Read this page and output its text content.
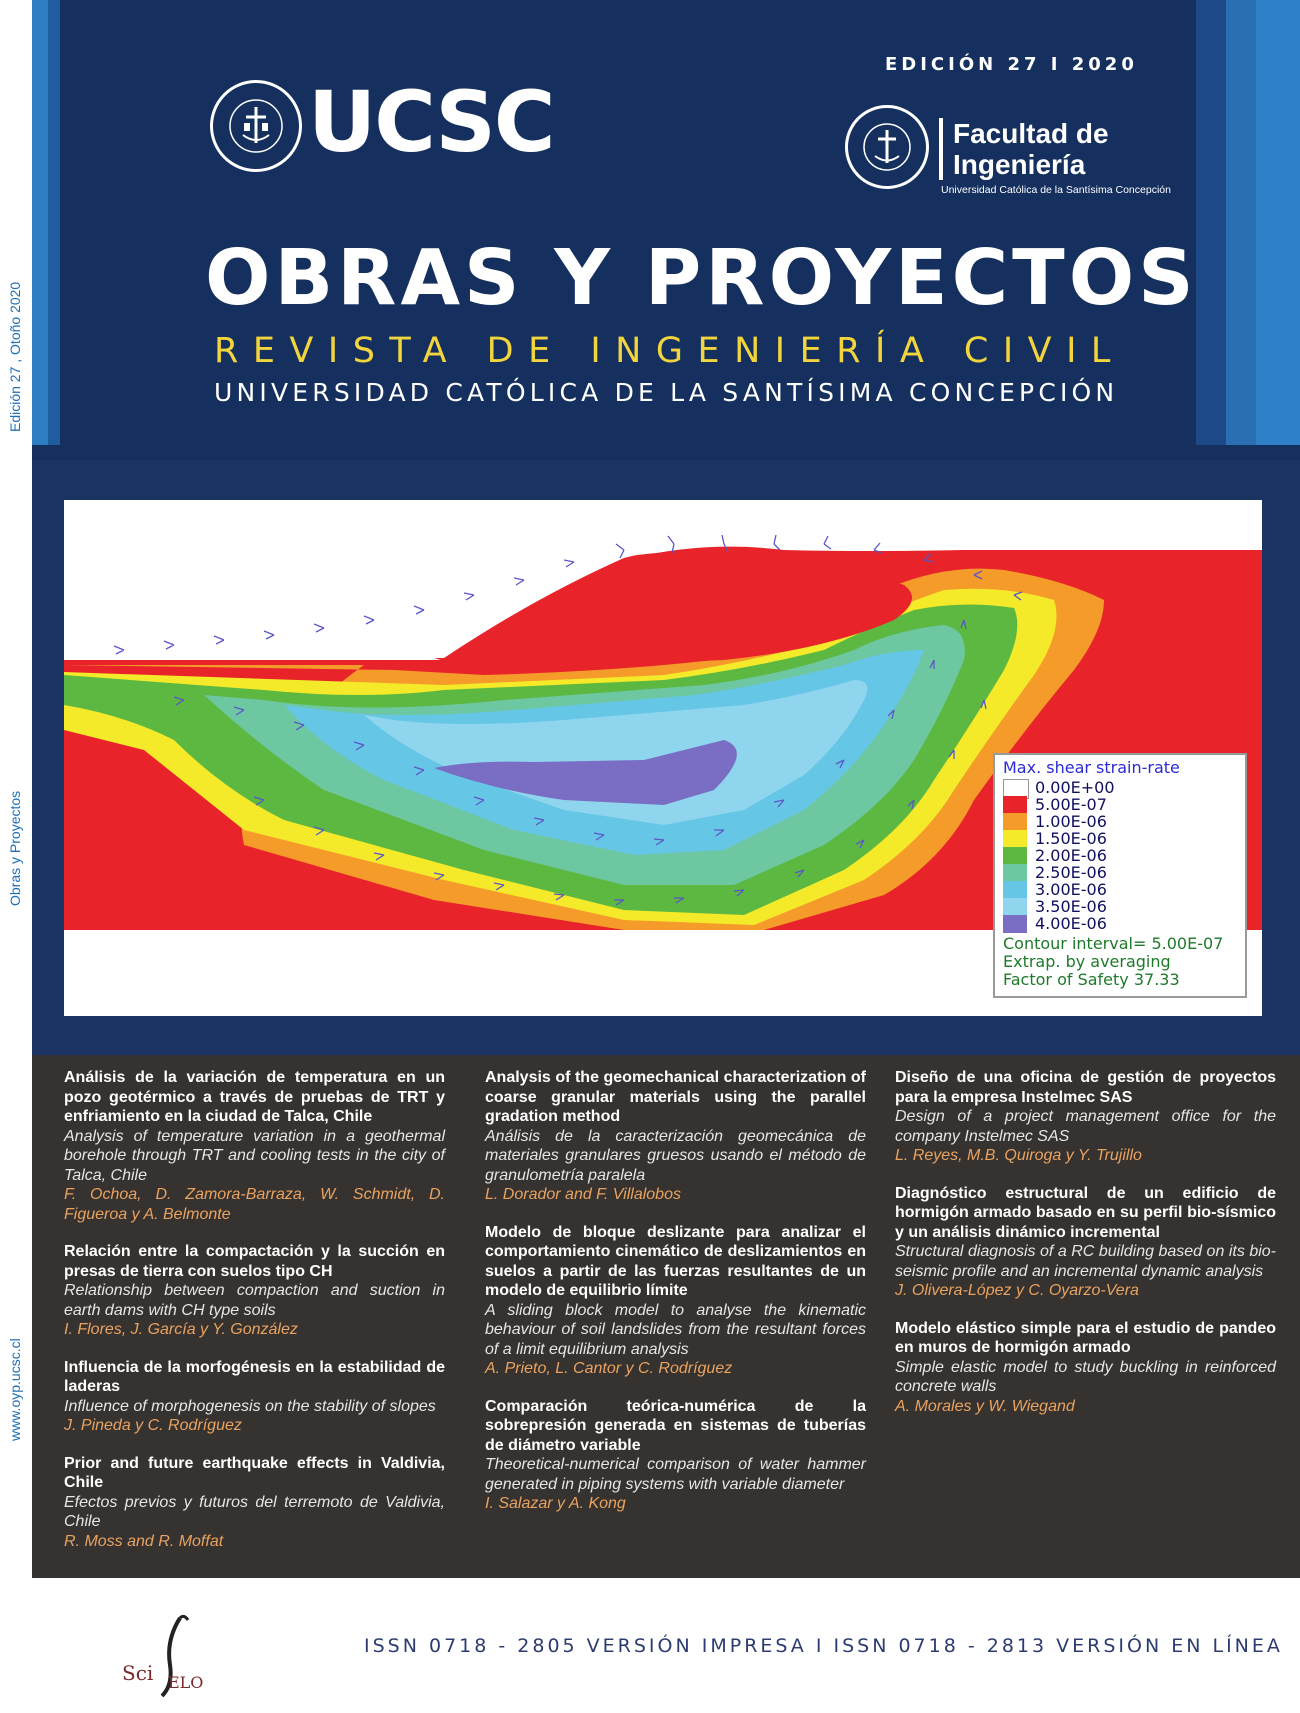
Edición 27 , Otoño 2020
Obras y Proyectos
www.oyp.ucsc.cl
EDICIÓN 27 I 2020
UCSC	Facultad de
Ingeniería
Universidad Católica de la Santísima Concepción
OBRAS Y PROYECTOS
REVISTA DE INGENIERÍA CIVIL
UNIVERSIDAD CATÓLICA DE LA SANTÍSIMA CONCEPCIÓN
Max. shear strain-rate
0.00E+00
5.00E-07
1.00E-06
1.50E-06
2.00E-06
2.50E-06
3.00E-06
3.50E-06
4.00E-06
Contour interval= 5.00E-07
Extrap. by averaging
Factor of Safety 37.33
Análisis de la variación de temperatura en un pozo geotérmico a través de pruebas de TRT y enfriamiento en la ciudad de Talca, Chile
Analysis of temperature variation in a geothermal borehole through TRT and cooling tests in the city of Talca, Chile
F. Ochoa, D. Zamora-Barraza, W. Schmidt, D. Figueroa y A. Belmonte
Relación entre la compactación y la succión en presas de tierra con suelos tipo CH
Relationship between compaction and suction in earth dams with CH type soils
I. Flores, J. García y Y. González
Influencia de la morfogénesis en la estabilidad de laderas
Influence of morphogenesis on the stability of slopes
J. Pineda y C. Rodríguez
Prior and future earthquake effects in Valdivia, Chile
Efectos previos y futuros del terremoto de Valdivia, Chile
R. Moss and R. Moffat
Analysis of the geomechanical characterization of coarse granular materials using the parallel gradation method
Análisis de la caracterización geomecánica de materiales granulares gruesos usando el método de granulometría paralela
L. Dorador and F. Villalobos
Modelo de bloque deslizante para analizar el comportamiento cinemático de deslizamientos en suelos a partir de las fuerzas resultantes de un modelo de equilibrio límite
A sliding block model to analyse the kinematic behaviour of soil landslides from the resultant forces of a limit equilibrium analysis
A. Prieto, L. Cantor y C. Rodríguez
Comparación teórica-numérica de la sobrepresión generada en sistemas de tuberías de diámetro variable
Theoretical-numerical comparison of water hammer generated in piping systems with variable diameter
I. Salazar y A. Kong
Diseño de una oficina de gestión de proyectos para la empresa Instelmec SAS
Design of a project management office for the company Instelmec SAS
L. Reyes, M.B. Quiroga y Y. Trujillo
Diagnóstico estructural de un edificio de hormigón armado basado en su perfil bio-sísmico y un análisis dinámico incremental
Structural diagnosis of a RC building based on its bio-seismic profile and an incremental dynamic analysis
J. Olivera-López y C. Oyarzo-Vera
Modelo elástico simple para el estudio de pandeo en muros de hormigón armado
Simple elastic model to study buckling in reinforced concrete walls
A. Morales y W. Wiegand
Sci ELO
ISSN 0718 - 2805 VERSIÓN IMPRESA I ISSN 0718 - 2813 VERSIÓN EN LÍNEA
